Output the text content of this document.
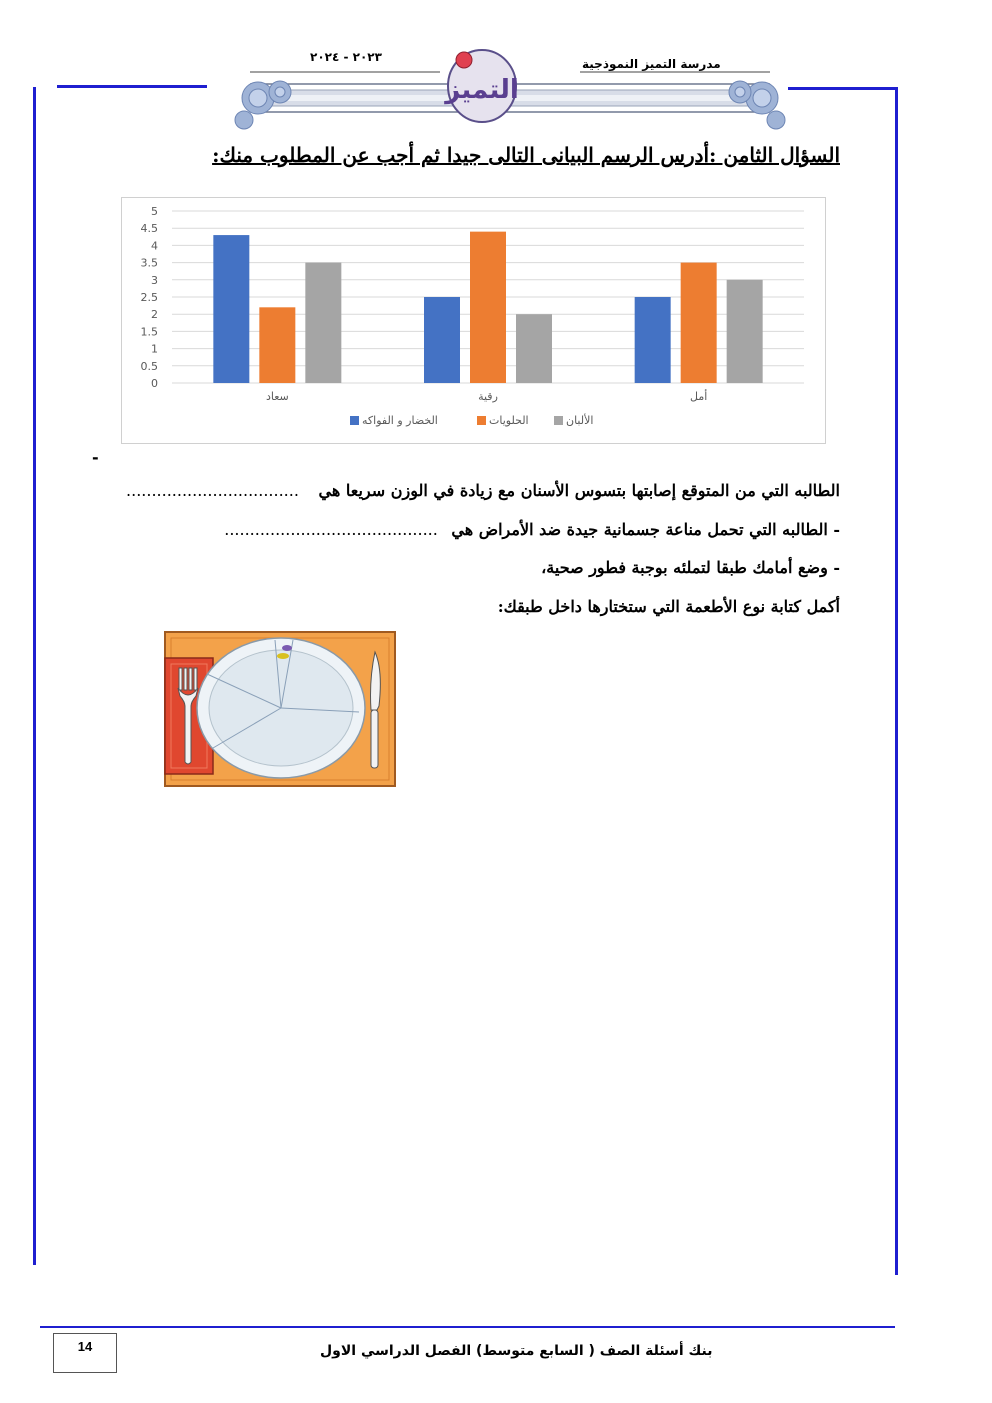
التميز
٢٠٢٣ - ٢٠٢٤	مدرسة التميز النموذجية
السؤال الثامن :أدرس الرسم البيانى التالى جيدا ثم أجب عن المطلوب منك:
0
0.5
1
1.5
2
2.5
3
3.5
4
4.5
5
سعاد	رقية	أمل
الخضار و الفواكه	الحلويات	الألبان
-
الطالبه التي من المتوقع إصابتها بتسوس الأسنان مع زيادة في الوزن سريعا هي ..................................
- الطالبه التي تحمل مناعة جسمانية جيدة ضد الأمراض هي ..........................................
- وضع أمامك طبقا لتملئه بوجبة فطور صحية،
أكمل كتابة نوع الأطعمة التي ستختارها داخل طبقك:
14	بنك أسئلة الصف ( السابع متوسط) الفصل الدراسي الاول
